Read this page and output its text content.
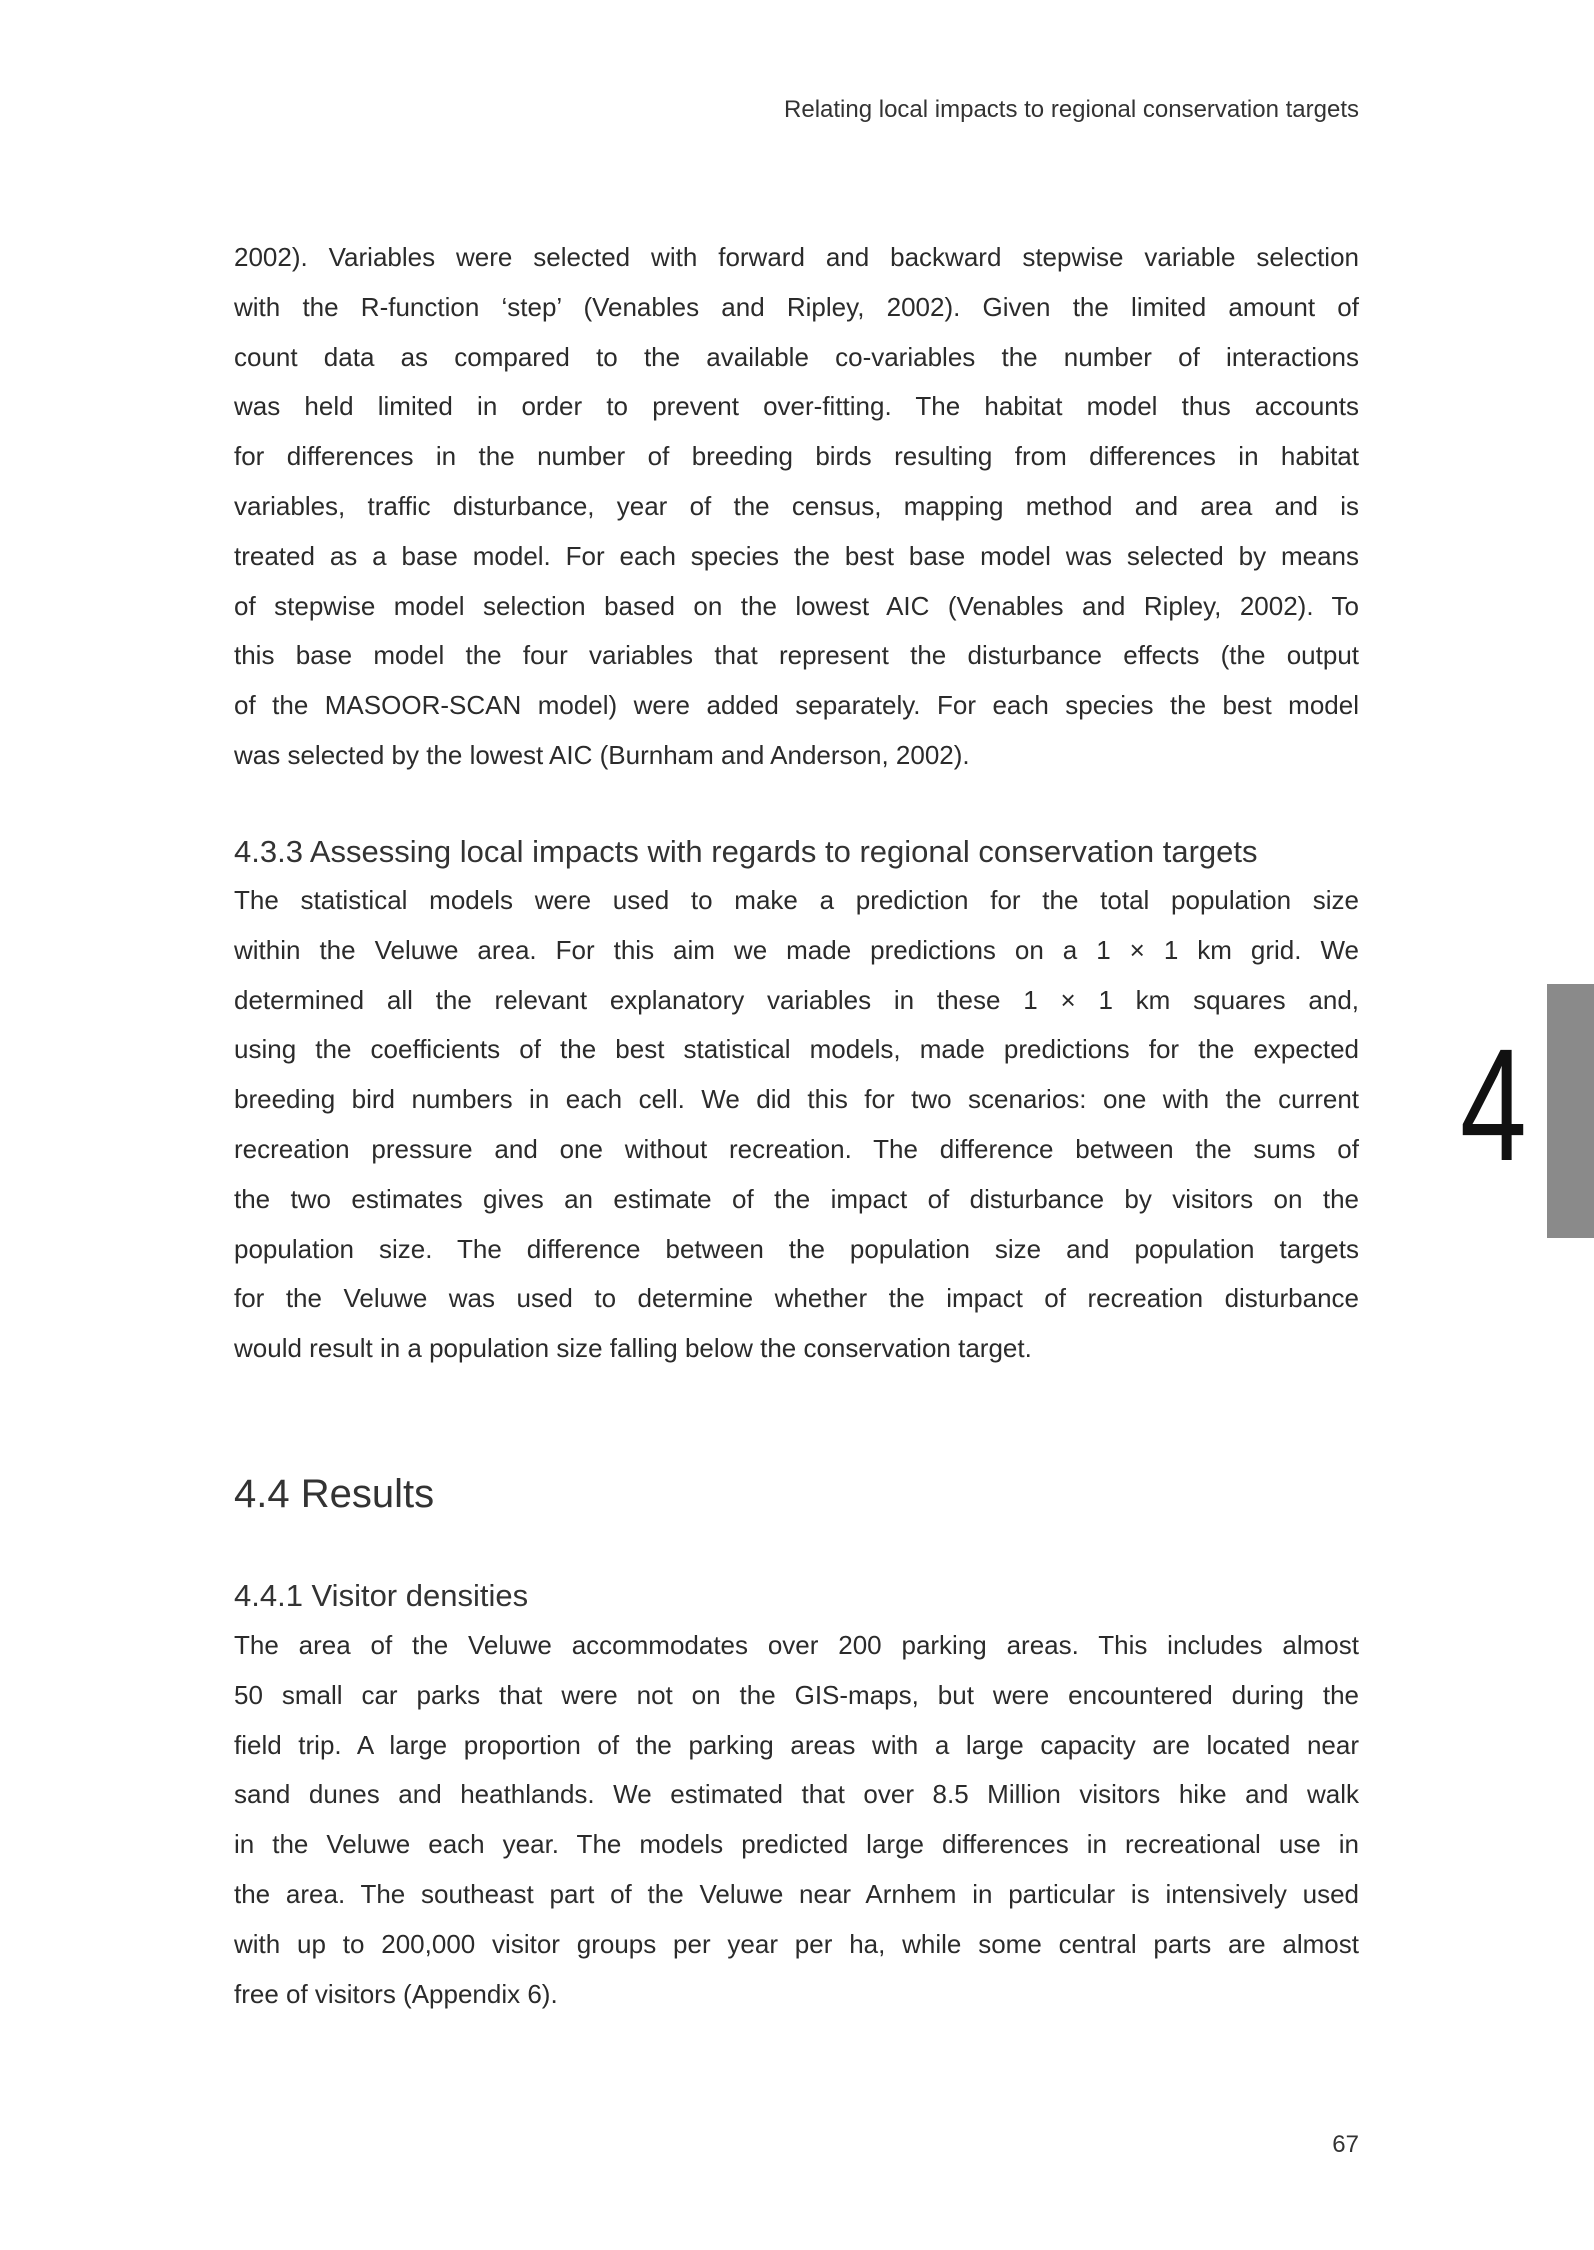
Relating local impacts to regional conservation targets
2002). Variables were selected with forward and backward stepwise variable selection
with the R-function ‘step’ (Venables and Ripley, 2002). Given the limited amount of
count data as compared to the available co-variables the number of interactions
was held limited in order to prevent over-fitting. The habitat model thus accounts
for differences in the number of breeding birds resulting from differences in habitat
variables, traffic disturbance, year of the census, mapping method and area and is
treated as a base model. For each species the best base model was selected by means
of stepwise model selection based on the lowest AIC (Venables and Ripley, 2002). To
this base model the four variables that represent the disturbance effects (the output
of the MASOOR-SCAN model) were added separately. For each species the best model
was selected by the lowest AIC (Burnham and Anderson, 2002).
4.3.3 Assessing local impacts with regards to regional conservation targets
The statistical models were used to make a prediction for the total population size
within the Veluwe area. For this aim we made predictions on a 1 × 1 km grid. We
determined all the relevant explanatory variables in these 1 × 1 km squares and,
using the coefficients of the best statistical models, made predictions for the expected
breeding bird numbers in each cell. We did this for two scenarios: one with the current
recreation pressure and one without recreation. The difference between the sums of
the two estimates gives an estimate of the impact of disturbance by visitors on the
population size. The difference between the population size and population targets
for the Veluwe was used to determine whether the impact of recreation disturbance
would result in a population size falling below the conservation target.
4.4 Results
4.4.1 Visitor densities
The area of the Veluwe accommodates over 200 parking areas. This includes almost
50 small car parks that were not on the GIS-maps, but were encountered during the
field trip. A large proportion of the parking areas with a large capacity are located near
sand dunes and heathlands. We estimated that over 8.5 Million visitors hike and walk
in the Veluwe each year. The models predicted large differences in recreational use in
the area. The southeast part of the Veluwe near Arnhem in particular is intensively used
with up to 200,000 visitor groups per year per ha, while some central parts are almost
free of visitors (Appendix 6).
4
67
